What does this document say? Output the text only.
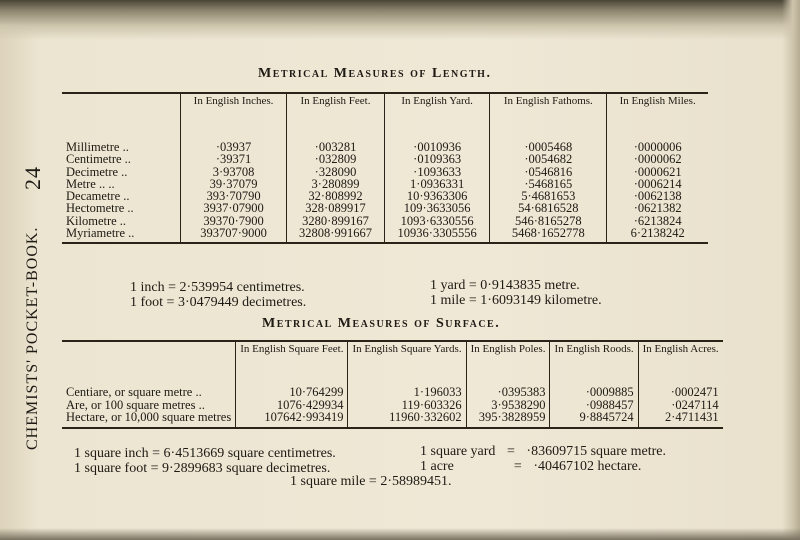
24
CHEMISTS' POCKET-BOOK.
Metrical Measures of Length.
	In English Inches.	In English Feet.	In English Yard.	In English Fathoms.	In English Miles.
Millimetre ..	·03937	·003281	·0010936	·0005468	·0000006
Centimetre ..	·39371	·032809	·0109363	·0054682	·0000062
Decimetre ..	3·93708	·328090	·1093633	·0546816	·0000621
Metre .. ..	39·37079	3·280899	1·0936331	·5468165	·0006214
Decametre ..	393·70790	32·808992	10·9363306	5·4681653	·0062138
Hectometre ..	3937·07900	328·089917	109·3633056	54·6816528	·0621382
Kilometre ..	39370·7900	3280·899167	1093·6330556	546·8165278	·6213824
Myriametre ..	393707·9000	32808·991667	10936·3305556	5468·1652778	6·2138242
1 inch = 2·539954 centimetres.
1 foot = 3·0479449 decimetres.
1 yard = 0·9143835 metre.
1 mile = 1·6093149 kilometre.
Metrical Measures of Surface.
	In English Square Feet.	In English Square Yards.	In English Poles.	In English Roods.	In English Acres.
Centiare, or square metre ..	10·764299	1·196033	·0395383	·0009885	·0002471
Are, or 100 square metres ..	1076·429934	119·603326	3·9538290	·0988457	·0247114
Hectare, or 10,000 square metres	107642·993419	11960·332602	395·3828959	9·8845724	2·4711431
1 square inch = 6·4513669 square centimetres.
1 square foot = 9·2899683 square decimetres.
1 square yard = ·83609715 square metre.
1 acre	= ·40467102 hectare.
1 square mile = 2·58989451.
